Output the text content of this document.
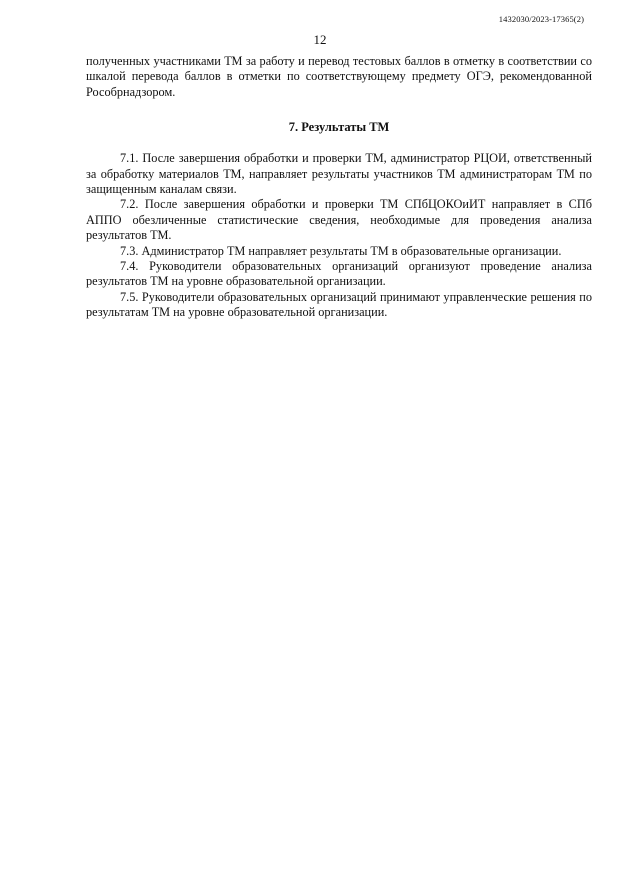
1432030/2023-17365(2)
12

полученных участниками ТМ за работу и перевод тестовых баллов в отметку в соответствии со шкалой перевода баллов в отметки по соответствующему предмету ОГЭ, рекомендованной Рособрнадзором.

7. Результаты ТМ

7.1. После завершения обработки и проверки ТМ, администратор РЦОИ, ответственный за обработку материалов ТМ, направляет результаты участников ТМ администраторам ТМ по защищенным каналам связи.

7.2. После завершения обработки и проверки ТМ СПбЦОКОиИТ направляет в СПб АППО обезличенные статистические сведения, необходимые для проведения анализа результатов ТМ.

7.3. Администратор ТМ направляет результаты ТМ в образовательные организации.

7.4. Руководители образовательных организаций организуют проведение анализа результатов ТМ на уровне образовательной организации.

7.5. Руководители образовательных организаций принимают управленческие решения по результатам ТМ на уровне образовательной организации.
